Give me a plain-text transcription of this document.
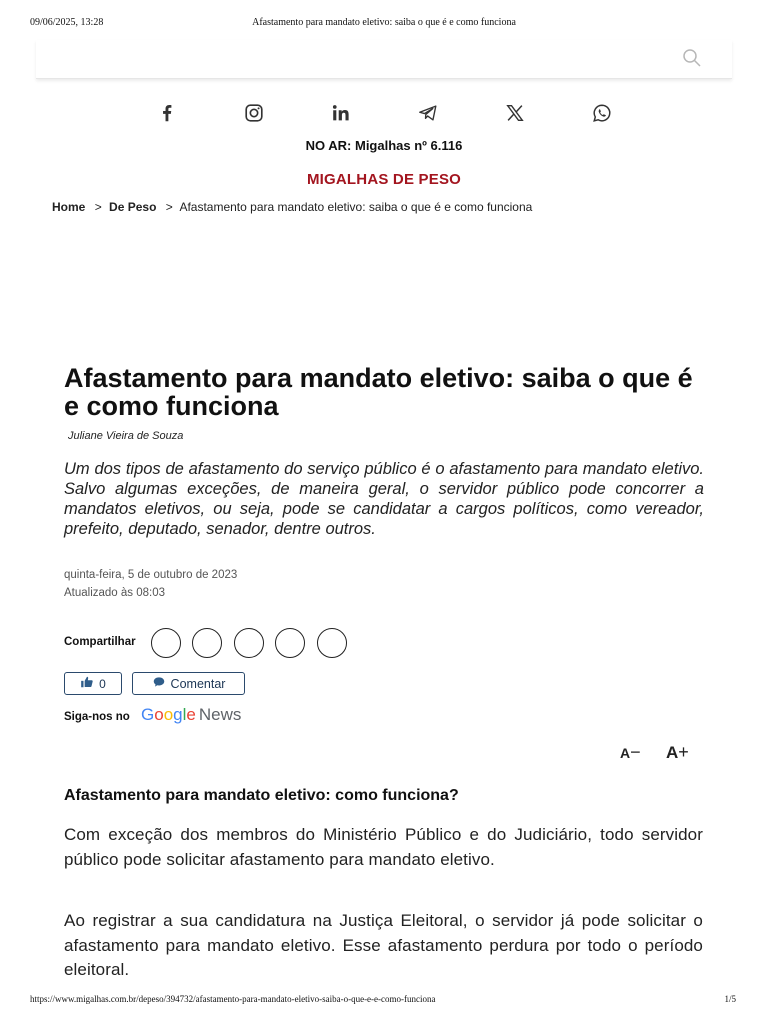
09/06/2025, 13:28	Afastamento para mandato eletivo: saiba o que é e como funciona
NO AR: Migalhas nº 6.116
MIGALHAS DE PESO
Home > De Peso > Afastamento para mandato eletivo: saiba o que é e como funciona
Afastamento para mandato eletivo: saiba o que é e como funciona
Juliane Vieira de Souza

Um dos tipos de afastamento do serviço público é o afastamento para mandato eletivo. Salvo algumas exceções, de maneira geral, o servidor público pode concorrer a mandatos eletivos, ou seja, pode se candidatar a cargos políticos, como vereador, prefeito, deputado, senador, dentre outros.

quinta-feira, 5 de outubro de 2023
Atualizado às 08:03
Compartilhar
0	Comentar
Siga-nos no Google News
A− A+
Afastamento para mandato eletivo: como funciona?

Com exceção dos membros do Ministério Público e do Judiciário, todo servidor público pode solicitar afastamento para mandato eletivo.

Ao registrar a sua candidatura na Justiça Eleitoral, o servidor já pode solicitar o afastamento para mandato eletivo. Esse afastamento perdura por todo o período eleitoral.

https://www.migalhas.com.br/depeso/394732/afastamento-para-mandato-eletivo-saiba-o-que-e-e-como-funciona	1/5
